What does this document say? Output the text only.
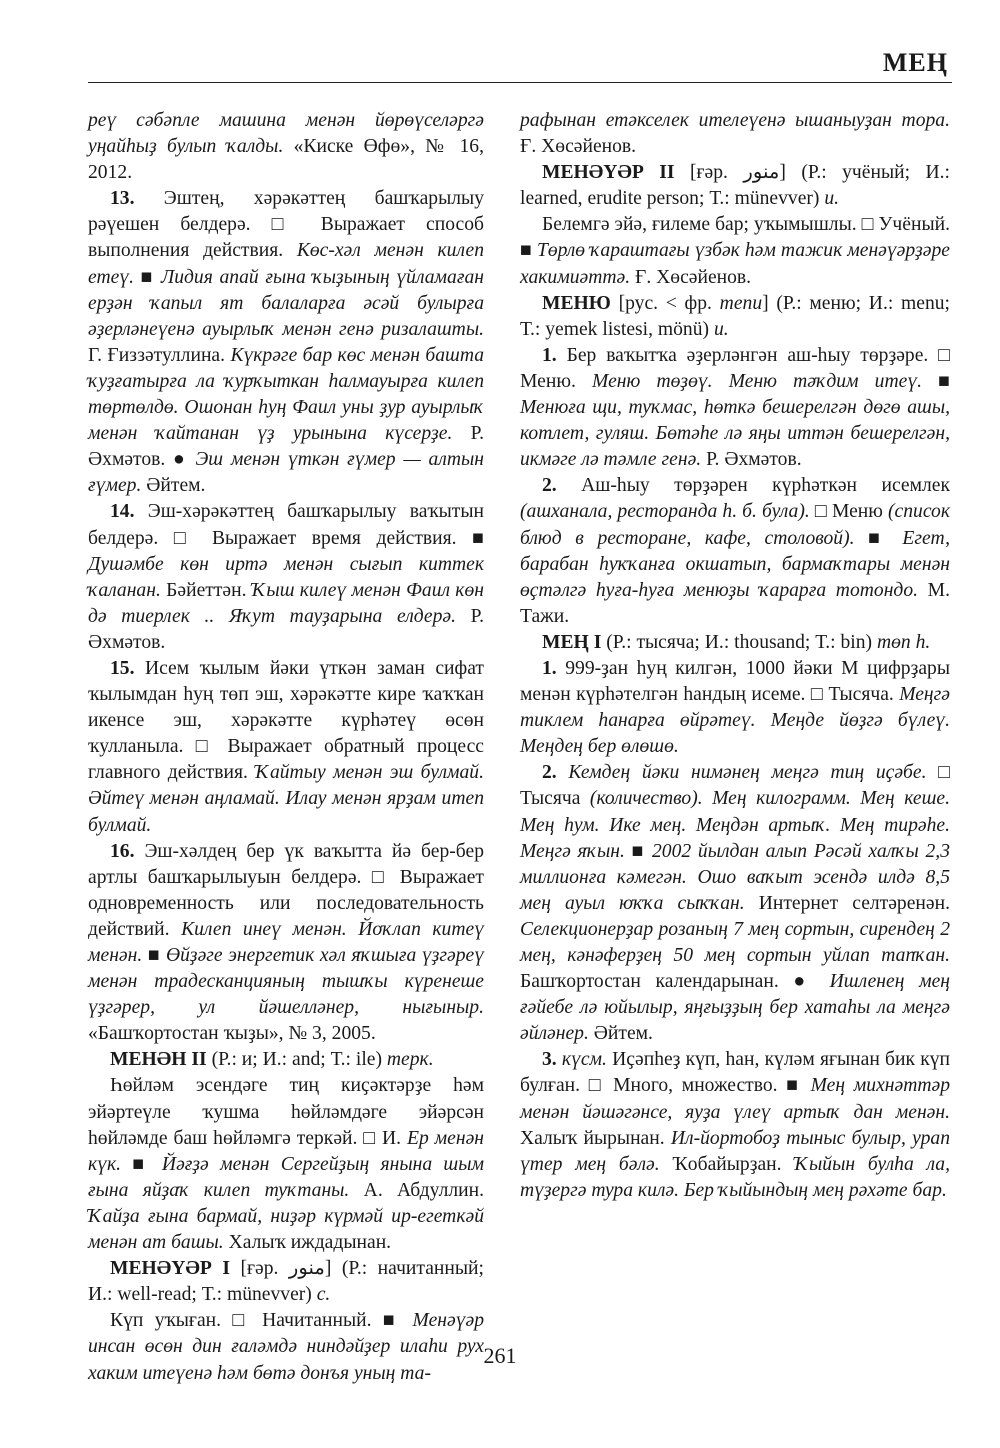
МЕҢ

реү сәбәпле машина менән йөрөүселәргә уңайһыҙ булып ҡалды. «Киске Өфө», № 16, 2012.

13. Эштең, хәрәкәттең башҡарылыу рәүешен белдерә. □ Выражает способ выполнения действия. Көс-хәл менән килеп етеү. ■ Лидия апай ғына ҡыҙының үйламаған ерҙән ҡапыл ят балаларға әсәй булырға әҙерләнеүенә ауырлыҡ менән генә ризалашты. Г. Ғиззәтуллина. Күкрәге бар көс менән башта ҡуҙғатырға ла ҡурҡыткан һалмауырға килеп төртөлдө. Ошонан һуң Фаил уны ҙур ауырлыҡ менән ҡайтанан үҙ урынына күсерҙе. Р. Әхмәтов. ● Эш менән үткән ғүмер — алтын ғүмер. Әйтем.

14. Эш-хәрәкәттең башҡарылыу ваҡытын белдерә. □ Выражает время действия. ■ Душәмбе көн иртә менән сығып киттек ҡаланан. Бәйеттән. Ҡыш килеү менән Фаил көн дә тиерлек .. Яҡут тауҙарына елдерә. Р. Әхмәтов.

15. Исем ҡылым йәки үткән заман сифат ҡылымдан һуң төп эш, хәрәкәтте кире ҡаҡҡан икенсе эш, хәрәкәтте күрһәтеү өсөн ҡулланыла. □ Выражает обратный процесс главного действия. Ҡайтыу менән эш булмай. Әйтеү менән аңламай. Илау менән ярҙам итеп булмай.

16. Эш-хәлдең бер үк ваҡытта йә бер-бер артлы башҡарылыуын белдерә. □ Выражает одновременность или последовательность действий. Килеп инеү менән. Йоҡлап китеү менән. ■ Өйҙәге энергетик хәл яҡшыға үҙгәреү менән традесканцияның тышҡы күренеше үҙгәрер, ул йәшелләнер, нығыныр. «Башҡортостан ҡыҙы», № 3, 2005.

МЕНӘН II (Р.: и; И.: and; Т.: ile) терк.

Һөйләм эсендәге тиң киҫәктәрҙе һәм эйәртеүле ҡушма һөйләмдәге эйәрсән һөйләмде баш һөйләмгә теркәй. □ И. Ер менән күк. ■ Йәғҙә менән Сергейҙың янына шым ғына яйҙаҡ килеп туҡтаны. А. Абдуллин. Ҡайҙа ғына бармай, ниҙәр күрмәй ир-егеткәй менән ат башы. Халыҡ иждадынан.

МЕНӘҮӘР I [ғәр. منور] (Р.: начитанный; И.: well-read; Т.: münevver) с.

Күп уҡыған. □ Начитанный. ■ Менәүәр инсан өсөн дин ғаләмдә ниндәйҙер илаһи рух хаким итеүенә һәм бөтә донъя уның та-

рафынан етәкселек ителеүенә ышаныуҙан тора. Ғ. Хөсәйенов.

МЕНӘҮӘР II [ғәр. منور] (Р.: учёный; И.: learned, erudite person; Т.: münevver) и.

Белемгә эйә, ғилеме бар; уҡымышлы. □ Учёный. ■ Төрлө ҡараштағы үзбәк һәм тажик менәүәрҙәре хакимиәттә. Ғ. Хөсәйенов.

МЕНЮ [рус. < фр. menu] (Р.: меню; И.: menu; Т.: yemek listesi, mönü) и.

1. Бер ваҡытҡа әҙерләнгән аш-һыу төрҙәре. □ Меню. Меню төҙөү. Меню тәҡдим итеү. ■ Менюға щи, туҡмас, һөткә бешерелгән дөгө ашы, котлет, гуляш. Бөтәһе лә яңы иттән бешерелгән, икмәге лә тәмле генә. Р. Әхмәтов.

2. Аш-һыу төрҙәрен күрһәткән исемлек (ашханала, ресторанда һ. б. була). □ Меню (список блюд в ресторане, кафе, столовой). ■ Егет, барабан һуҡҡанға окшатып, бармаҡтары менән өҫтәлгә һуға-һуға менюҙы ҡарарға тотондо. М. Тажи.

МЕҢ I (Р.: тысяча; И.: thousand; Т.: bin) төп һ.

1. 999-ҙан һуң килгән, 1000 йәки М цифрҙары менән күрһәтелгән һандың исеме. □ Тысяча. Меңгә тиклем һанарға өйрәтеү. Меңде йөҙгә бүлеү. Меңдең бер өлөшө.

2. Кемдең йәки нимәнең меңгә тиң иҫәбе. □ Тысяча (количество). Мең килограмм. Мең кеше. Мең һум. Ике мең. Меңдән артыҡ. Мең тирәһе. Меңгә яҡын. ■ 2002 йылдан алып Рәсәй халҡы 2,3 миллионға кәмегән. Ошо ваҡыт эсендә илдә 8,5 мең ауыл юҡҡа сыҡҡан. Интернет селтәренән. Селекционерҙар розаның 7 мең сортын, сирендең 2 мең, кәнәферҙең 50 мең сортын уйлап тапҡан. Башҡортостан календарынан. ● Ишленең мең ғәйебе лә юйылыр, яңғыҙҙың бер хатаһы ла меңгә әйләнер. Әйтем.

3. күсм. Иҫәпһеҙ күп, һан, күләм яғынан бик күп булған. □ Много, множество. ■ Мең михнәттәр менән йәшәгәнсе, яуҙа үлеү артыҡ дан менән. Халыҡ йырынан. Ил-йортобоҙ тыныс булыр, урап үтер мең бәлә. Ҡобайырҙан. Ҡыйын булһа ла, түҙергә тура килә. Бер ҡыйындың мең рәхәте бар.

261
